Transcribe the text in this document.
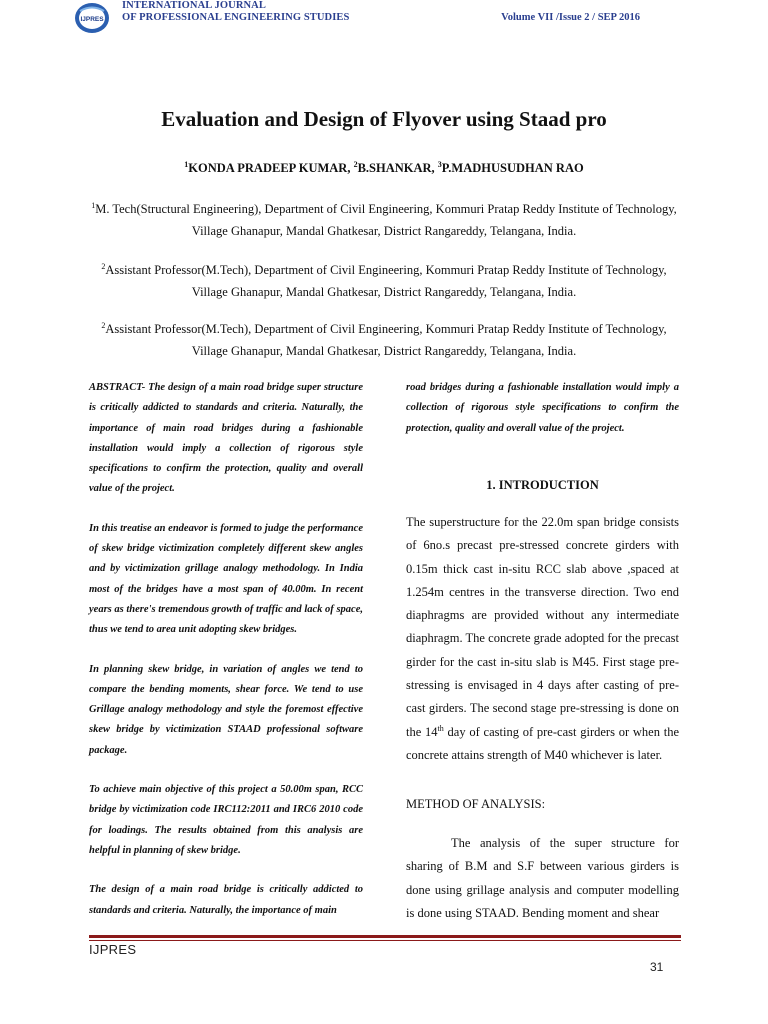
IJPRES
INTERNATIONAL JOURNAL
OF PROFESSIONAL ENGINEERING STUDIES	Volume VII /Issue 2 / SEP 2016
Evaluation and Design of Flyover using Staad pro
$^1$KONDA PRADEEP KUMAR, $^2$B.SHANKAR, $^3$P.MADHUSUDHAN RAO
$^1$M. Tech(Structural Engineering), Department of Civil Engineering, Kommuri Pratap Reddy Institute of Technology,
Village Ghanapur, Mandal Ghatkesar, District Rangareddy, Telangana, India.
$^2$Assistant Professor(M.Tech), Department of Civil Engineering, Kommuri Pratap Reddy Institute of Technology,
Village Ghanapur, Mandal Ghatkesar, District Rangareddy, Telangana, India.
$^2$Assistant Professor(M.Tech), Department of Civil Engineering, Kommuri Pratap Reddy Institute of Technology,
Village Ghanapur, Mandal Ghatkesar, District Rangareddy, Telangana, India.

ABSTRACT- The design of a main road bridge super structure is critically addicted to standards and criteria. Naturally, the importance of main road bridges during a fashionable installation would imply a collection of rigorous style specifications to confirm the protection, quality and overall value of the project.

In this treatise an endeavor is formed to judge the performance of skew bridge victimization completely different skew angles and by victimization grillage analogy methodology. In India most of the bridges have a most span of 40.00m. In recent years as there's tremendous growth of traffic and lack of space, thus we tend to area unit adopting skew bridges.

In planning skew bridge, in variation of angles we tend to compare the bending moments, shear force. We tend to use Grillage analogy methodology and style the foremost effective skew bridge by victimization STAAD professional software package.

To achieve main objective of this project a 50.00m span, RCC bridge by victimization code IRC112:2011 and IRC6 2010 code for loadings. The results obtained from this analysis are helpful in planning of skew bridge.

The design of a main road bridge is critically addicted to standards and criteria. Naturally, the importance of main

road bridges during a fashionable installation would imply a collection of rigorous style specifications to confirm the protection, quality and overall value of the project.

1. INTRODUCTION

The superstructure for the 22.0m span bridge consists of 6no.s precast pre-stressed concrete girders with 0.15m thick cast in-situ RCC slab above ,spaced at 1.254m centres in the transverse direction. Two end diaphragms are provided without any intermediate diaphragm. The concrete grade adopted for the precast girder for the cast in-situ slab is M45. First stage pre-stressing is envisaged in 4 days after casting of pre-cast girders. The second stage pre-stressing is done on the 14th day of casting of pre-cast girders or when the concrete attains strength of M40 whichever is later.

METHOD OF ANALYSIS:

The analysis of the super structure for sharing of B.M and S.F between various girders is done using grillage analysis and computer modelling is done using STAAD. Bending moment and shear

IJPRES
31
